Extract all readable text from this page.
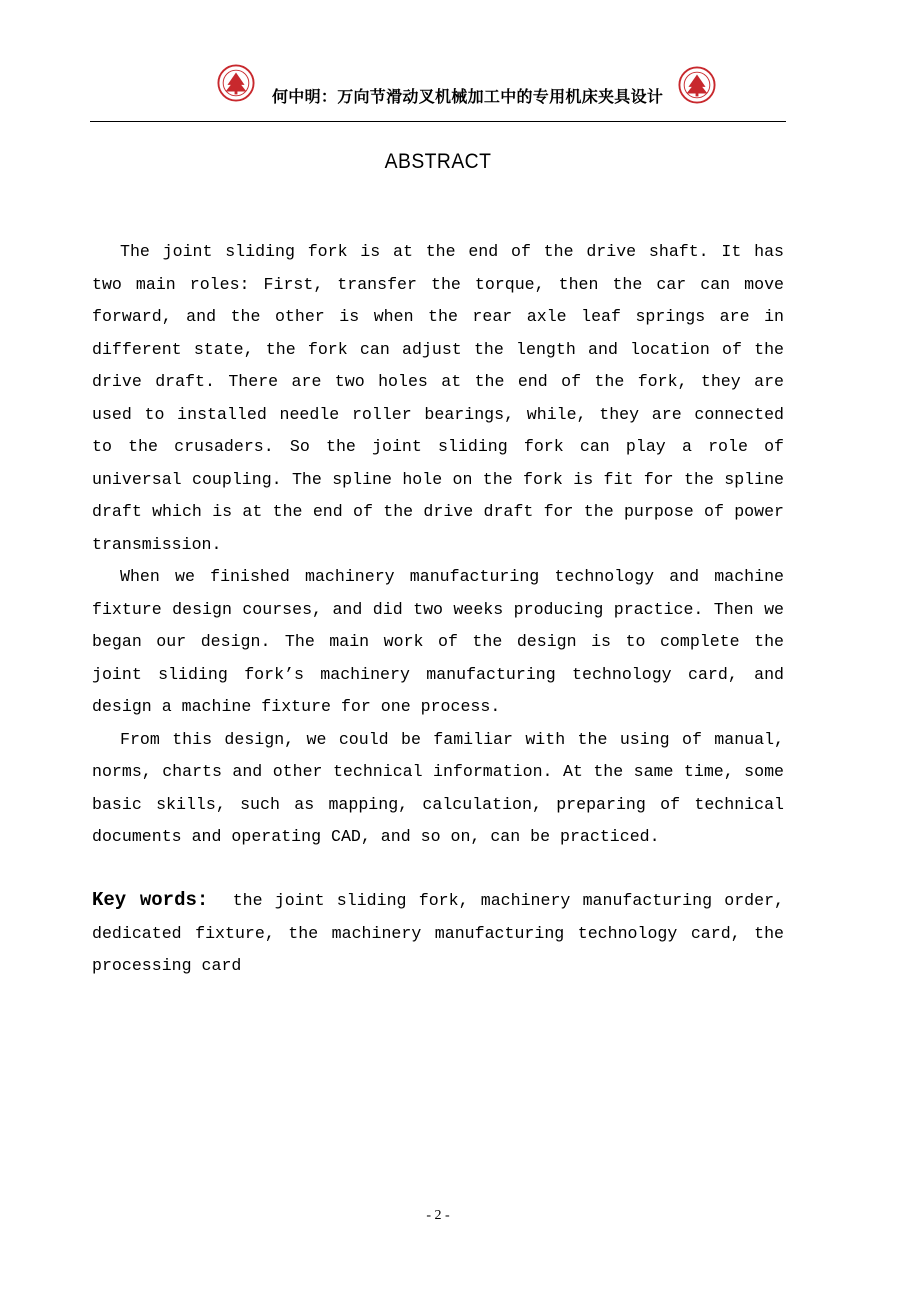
何中明：万向节滑动叉机械加工中的专用机床夹具设计
ABSTRACT

The joint sliding fork is at the end of the drive shaft. It has two main roles: First, transfer the torque, then the car can move forward, and the other is when the rear axle leaf springs are in different state, the fork can adjust the length and location of the drive draft. There are two holes at the end of the fork, they are used to installed needle roller bearings, while, they are connected to the crusaders. So the joint sliding fork can play a role of universal coupling. The spline hole on the fork is fit for the spline draft which is at the end of the drive draft for the purpose of power transmission.

When we finished machinery manufacturing technology and machine fixture design courses, and did two weeks producing practice. Then we began our design. The main work of the design is to complete the joint sliding fork’s machinery manufacturing technology card, and design a machine fixture for one process.

From this design, we could be familiar with the using of manual, norms, charts and other technical information. At the same time, some basic skills, such as mapping, calculation, preparing of technical documents and operating CAD, and so on, can be practiced.

Key words: the joint sliding fork, machinery manufacturing order, dedicated fixture, the machinery manufacturing technology card, the processing card
- 2 -
